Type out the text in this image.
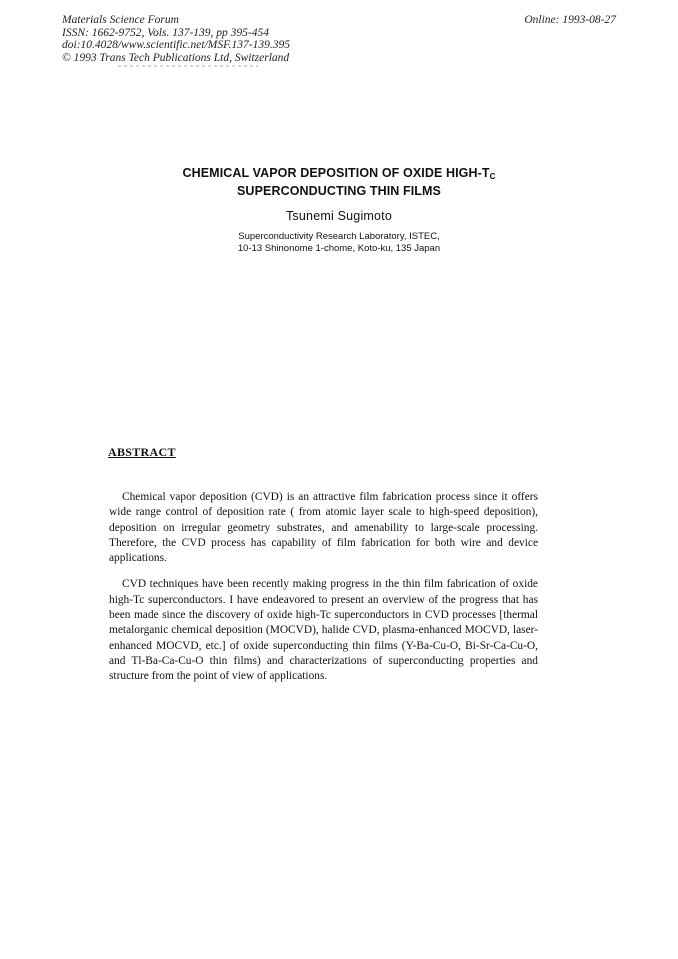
Materials Science Forum
ISSN: 1662-9752, Vols. 137-139, pp 395-454
doi:10.4028/www.scientific.net/MSF.137-139.395
© 1993 Trans Tech Publications Ltd, Switzerland
Online: 1993-08-27
CHEMICAL VAPOR DEPOSITION OF OXIDE HIGH-$T_C$
SUPERCONDUCTING THIN FILMS
Tsunemi Sugimoto
Superconductivity Research Laboratory, ISTEC,
10-13 Shinonome 1-chome, Koto-ku, 135 Japan
ABSTRACT

Chemical vapor deposition (CVD) is an attractive film fabrication process since it offers wide range control of deposition rate ( from atomic layer scale to high-speed deposition), deposition on irregular geometry substrates, and amenability to large-scale processing. Therefore, the CVD process has capability of film fabrication for both wire and device applications.

CVD techniques have been recently making progress in the thin film fabrication of oxide high-Tc superconductors. I have endeavored to present an overview of the progress that has been made since the discovery of oxide high-Tc superconductors in CVD processes [thermal metalorganic chemical deposition (MOCVD), halide CVD, plasma-enhanced MOCVD, laser-enhanced MOCVD, etc.] of oxide superconducting thin films (Y-Ba-Cu-O, Bi-Sr-Ca-Cu-O, and Tl-Ba-Ca-Cu-O thin films) and characterizations of superconducting properties and structure from the point of view of applications.
